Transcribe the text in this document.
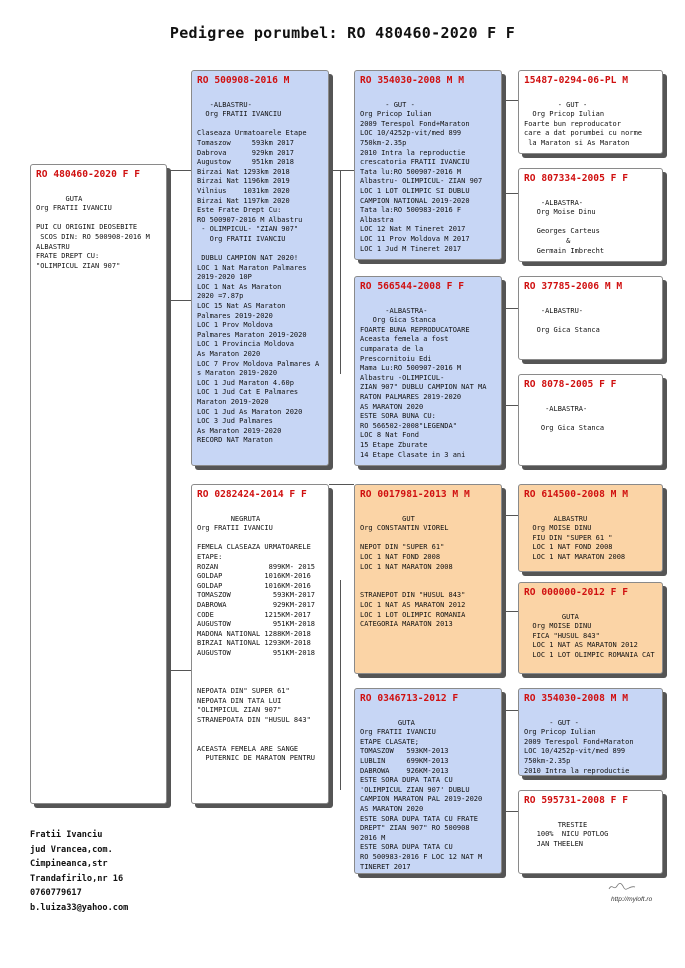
Pedigree porumbel: RO 480460-2020 F F
RO 480460-2020 F F

GUTA
Org FRATII IVANCIU

PUI CU ORIGINI DEOSEBITE
SCOS DIN: RO 500908-2016 M
ALBASTRU
FRATE DREPT CU:
"OLIMPICUL ZIAN 907"
RO 500908-2016 M

-ALBASTRU-
Org FRATII IVANCIU

Claseaza Urmatoarele Etape
Tomaszow     593km 2017
Dabrova      929km 2017
Augustow     951km 2018
Birzai Nat 1293km 2018
Birzai Nat 1196km 2019
Vilnius    1031km 2020
Birzai Nat 1197km 2020
Este Frate Drept Cu:
RO 500907-2016 M Albastru
- OLIMPICUL- "ZIAN 907"
Org FRATII IVANCIU

DUBLU CAMPION NAT 2020!
LOC 1 Nat Maraton Palmares
2019-2020 10P
LOC 1 Nat As Maraton
2020 =7.87p
LOC 15 Nat AS Maraton
Palmares 2019-2020
LOC 1 Prov Moldova
Palmares Maraton 2019-2020
LOC 1 Provincia Moldova
As Maraton 2020
LOC 7 Prov Moldova Palmares A
s Maraton 2019-2020
LOC 1 Jud Maraton 4.60p
LOC 1 Jud Cat E Palmares
Maraton 2019-2020
LOC 1 Jud As Maraton 2020
LOC 3 Jud Palmares
As Maraton 2019-2020
RECORD NAT Maraton
RO 0282424-2014 F F

NEGRUTA
Org FRATII IVANCIU

FEMELA CLASEAZA URMATOARELE
ETAPE:
ROZAN            899KM- 2015
GOLDAP          1016KM-2016
GOLDAP          1016KM-2016
TOMASZOW          593KM-2017
DABROWA           929KM-2017
CODE            1215KM-2017
AUGUSTOW          951KM-2018
MADONA NATIONAL 1288KM-2018
BIRZAI NATIONAL 1293KM-2018
AUGUSTOW          951KM-2018

NEPOATA DIN" SUPER 61"
NEPOATA DIN TATA LUI
"OLIMPICUL ZIAN 907"
STRANEPOATA DIN "HUSUL 843"

ACEASTA FEMELA ARE SANGE
PUTERNIC DE MARATON PENTRU
RO 354030-2008 M M

- GUT -
Org Pricop Iulian
2009 Terespol Fond+Maraton
LOC 10/4252p-vit/med 899
750km-2.35p
2010 Intra la reproductie
crescatoria FRATII IVANCIU
Tata lu:RO 500907-2016 M
Albastru- OLIMPICUL- ZIAN 907
LOC 1 LOT OLIMPIC SI DUBLU
CAMPION NATIONAL 2019-2020
Tata la:RO 500983-2016 F
Albastra
LOC 12 Nat M Tineret 2017
LOC 11 Prov Moldova M 2017
LOC 1 Jud M Tineret 2017
RO 566544-2008 F F

-ALBASTRA-
Org Gica Stanca
FOARTE BUNA REPRODUCATOARE
Aceasta femela a fost
cumparata de la
Prescornitoiu Edi
Mama Lu:RO 500907-2016 M
Albastru -OLIMPICUL-
ZIAN 907" DUBLU CAMPION NAT MA
RATON PALMARES 2019-2020
AS MARATON 2020
ESTE SORA BUNA CU:
RO 566502-2008"LEGENDA"
LOC 8 Nat Fond
15 Etape Zburate
14 Etape Clasate in 3 ani
RO 0017981-2013 M M

GUT
Org CONSTANTIN VIOREL

NEPOT DIN "SUPER 61"
LOC 1 NAT FOND 2008
LOC 1 NAT MARATON 2008

STRANEPOT DIN "HUSUL 843"
LOC 1 NAT AS MARATON 2012
LOC 1 LOT OLIMPIC ROMANIA
CATEGORIA MARATON 2013
RO 0346713-2012 F

GUTA
Org FRATII IVANCIU
ETAPE CLASATE;
TOMASZOW   593KM-2013
LUBLIN     699KM-2013
DABROWA    926KM-2013
ESTE SORA DUPA TATA CU
'OLIMPICUL ZIAN 907' DUBLU
CAMPION MARATON PAL 2019-2020
AS MARATON 2020
ESTE SORA DUPA TATA CU FRATE
DREPT" ZIAN 907" RO 500908
2016 M
ESTE SORA DUPA TATA CU
RO 500983-2016 F LOC 12 NAT M
TINERET 2017
15487-0294-06-PL M

- GUT -
Org Pricop Iulian
Foarte bun reproducator
care a dat porumbei cu norme
la Maraton si As Maraton
RO 807334-2005 F F

-ALBASTRA-
Org Moise Dinu

Georges Carteus
&
Germain Imbrecht
RO 37785-2006 M M

-ALBASTRU-

Org Gica Stanca
RO 8078-2005 F F

-ALBASTRA-

Org Gica Stanca
RO 614500-2008 M M

ALBASTRU
Org MOISE DINU
FIU DIN "SUPER 61 "
LOC 1 NAT FOND 2008
LOC 1 NAT MARATON 2008
RO 000000-2012 F F

GUTA
Org MOISE DINU
FICA "HUSUL 843"
LOC 1 NAT AS MARATON 2012
LOC 1 LOT OLIMPIC ROMANIA CAT
RO 354030-2008 M M

- GUT -
Org Pricop Iulian
2009 Terespol Fond+Maraton
LOC 10/4252p-vit/med 899
750km-2.35p
2010 Intra la reproductie
RO 595731-2008 F F

TRESTIE
100%  NICU POTLOG
JAN THEELEN
Fratii Ivanciu
jud Vrancea,com.
Cimpineanca,str
Trandafirilo,nr 16
0760779617
b.luiza33@yahoo.com
http://myloft.ro
